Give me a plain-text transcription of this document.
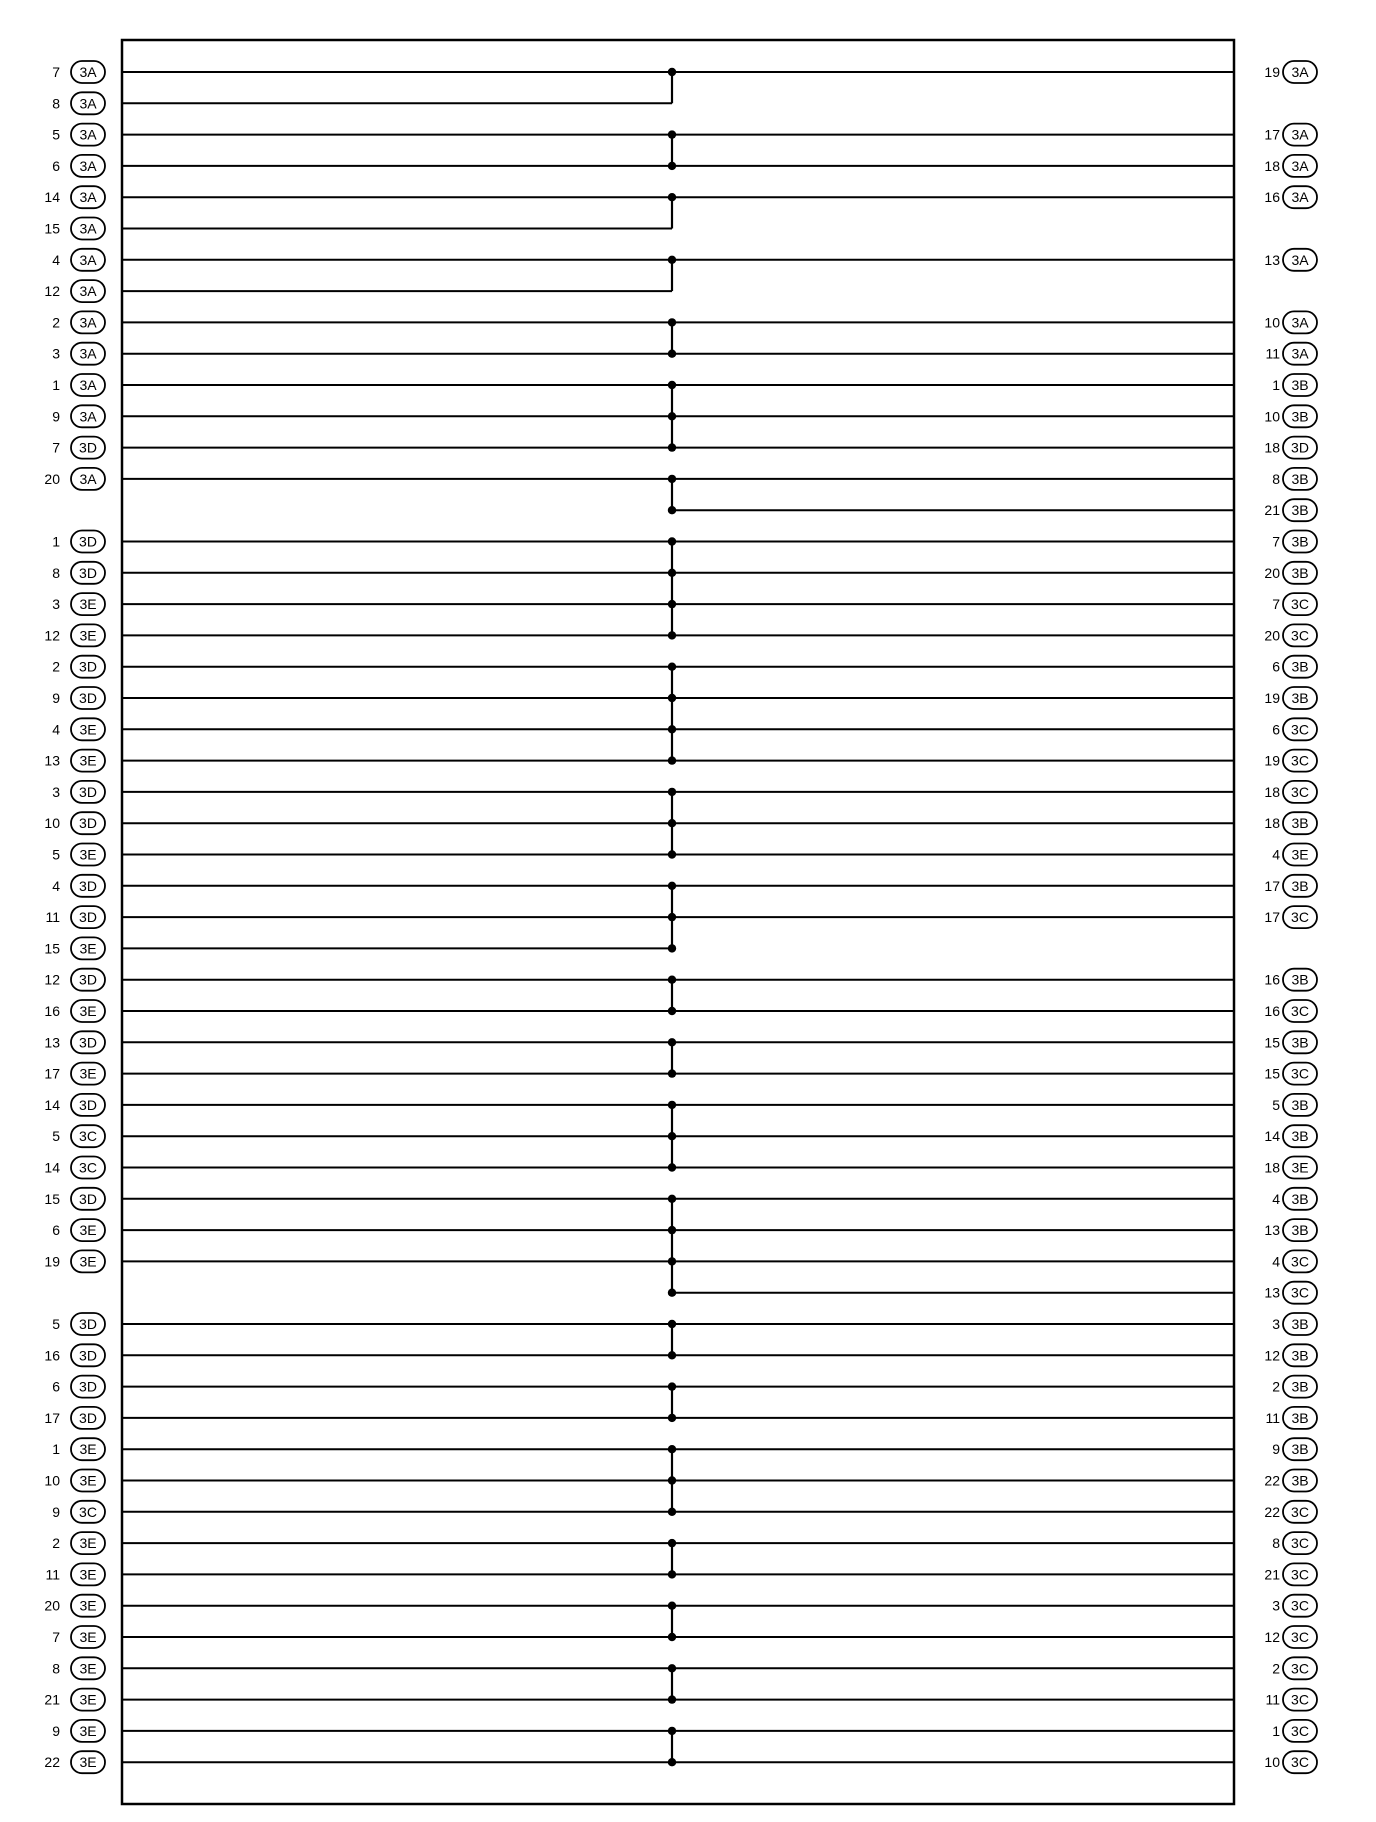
7 3A
8 3A
5 3A
6 3A
14 3A
15 3A
4 3A
12 3A
2 3A
3 3A
1 3A
9 3A
7 3D
20 3A
1 3D
8 3D
3 3E
12 3E
2 3D
9 3D
4 3E
13 3E
3 3D
10 3D
5 3E
4 3D
11 3D
15 3E
12 3D
16 3E
13 3D
17 3E
14 3D
5 3C
14 3C
15 3D
6 3E
19 3E
5 3D
16 3D
6 3D
17 3D
1 3E
10 3E
9 3C
2 3E
11 3E
20 3E
7 3E
8 3E
21 3E
9 3E
22 3E
19 3A
17 3A
18 3A
16 3A
13 3A
10 3A
11 3A
1 3B
10 3B
18 3D
8 3B
21 3B
7 3B
20 3B
7 3C
20 3C
6 3B
19 3B
6 3C
19 3C
18 3C
18 3B
4 3E
17 3B
17 3C
16 3B
16 3C
15 3B
15 3C
5 3B
14 3B
18 3E
4 3B
13 3B
4 3C
13 3C
3 3B
12 3B
2 3B
11 3B
9 3B
22 3B
22 3C
8 3C
21 3C
3 3C
12 3C
2 3C
11 3C
1 3C
10 3C
